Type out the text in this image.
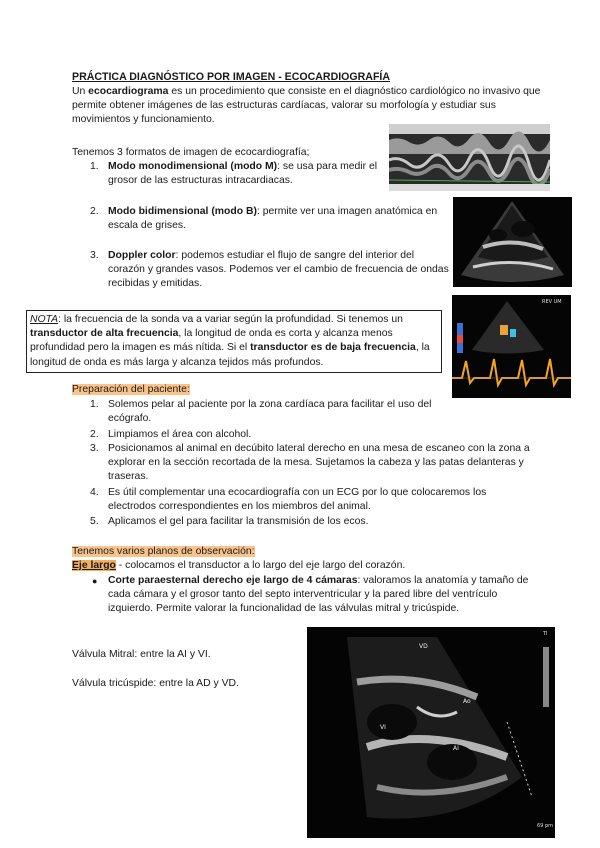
PRÁCTICA DIAGNÓSTICO POR IMAGEN - ECOCARDIOGRAFÍA
Un ecocardiograma es un procedimiento que consiste en el diagnóstico cardiológico no invasivo que permite obtener imágenes de las estructuras cardíacas, valorar su morfología y estudiar sus movimientos y funcionamiento.
Tenemos 3 formatos de imagen de ecocardiografía;
1. Modo monodimensional (modo M): se usa para medir el grosor de las estructuras intracardiacas.
2. Modo bidimensional (modo B): permite ver una imagen anatómica en escala de grises.
3. Doppler color: podemos estudiar el flujo de sangre del interior del corazón y grandes vasos. Podemos ver el cambio de frecuencia de ondas recibidas y emitidas.
REV UM
NOTA: la frecuencia de la sonda va a variar según la profundidad. Si tenemos un transductor de alta frecuencia, la longitud de onda es corta y alcanza menos profundidad pero la imagen es más nítida. Si el transductor es de baja frecuencia, la longitud de onda es más larga y alcanza tejidos más profundos.
Preparación del paciente:
1. Solemos pelar al paciente por la zona cardíaca para facilitar el uso del ecógrafo.
2. Limpiamos el área con alcohol.
3. Posicionamos al animal en decúbito lateral derecho en una mesa de escaneo con la zona a explorar en la sección recortada de la mesa. Sujetamos la cabeza y las patas delanteras y traseras.
4. Es útil complementar una ecocardiografía con un ECG por lo que colocaremos los electrodos correspondientes en los miembros del animal.
5. Aplicamos el gel para facilitar la transmisión de los ecos.
Tenemos varios planos de observación:
Eje largo - colocamos el transductor a lo largo del eje largo del corazón.
● Corte paraesternal derecho eje largo de 4 cámaras: valoramos la anatomía y tamaño de cada cámara y el grosor tanto del septo interventricular y la pared libre del ventrículo izquierdo. Permite valorar la funcionalidad de las válvulas mitral y tricúspide.
Válvula Mitral: entre la AI y VI.
Válvula tricúspide: entre la AD y VD.
VD
Ao
VI
AI
69 pm
TI
